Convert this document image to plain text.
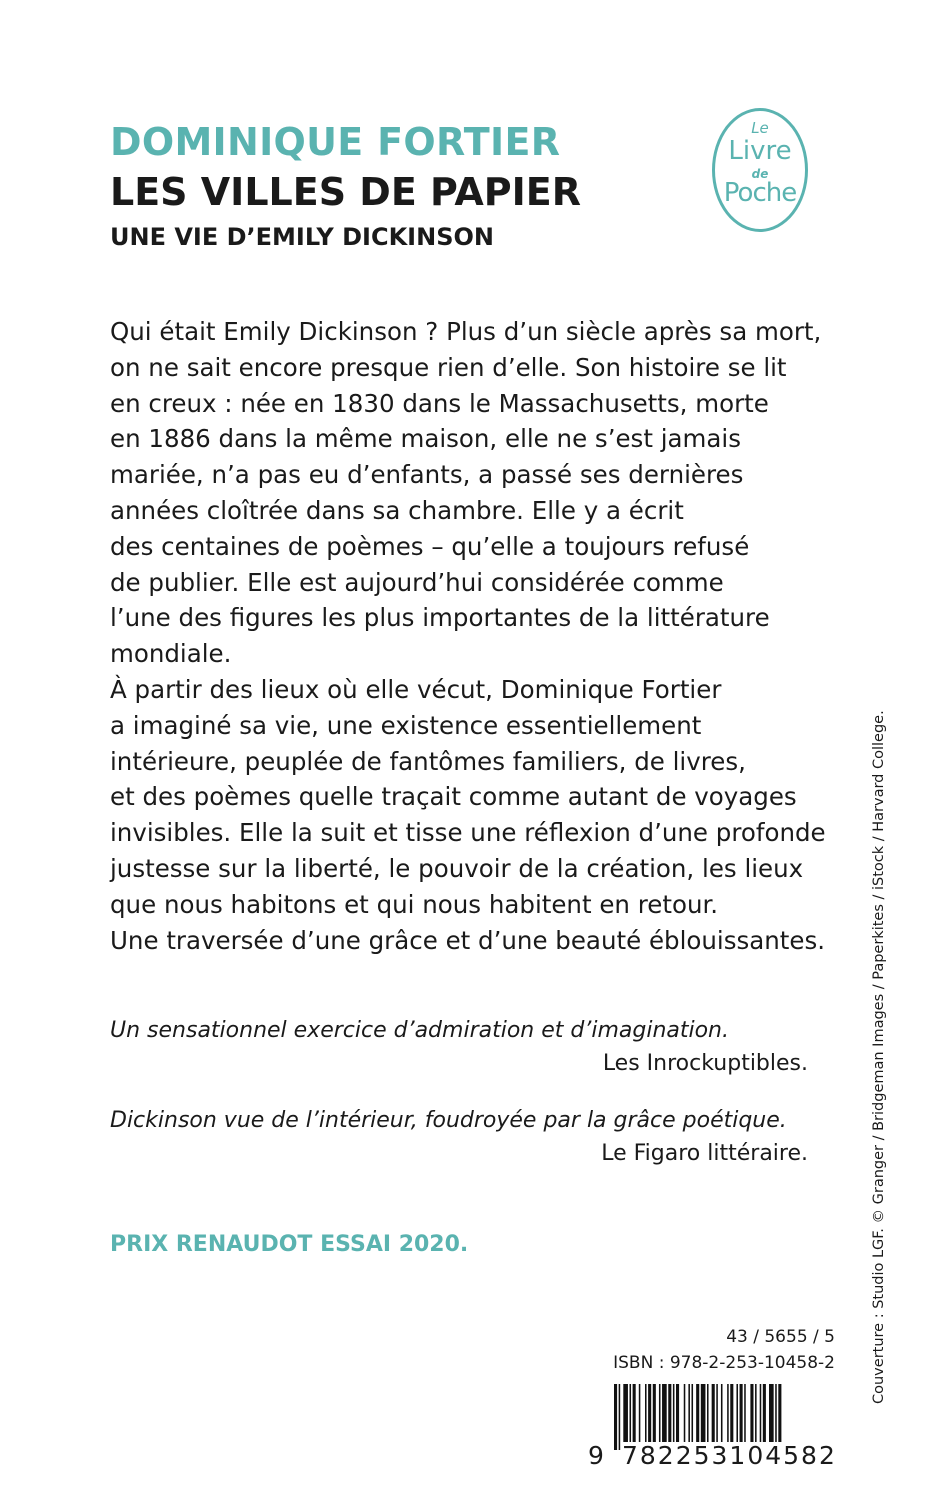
DOMINIQUE FORTIER
LES VILLES DE PAPIER
UNE VIE D’EMILY DICKINSON
Le
Livre
de
Poche
Qui était Emily Dickinson ? Plus d’un siècle après sa mort,
on ne sait encore presque rien d’elle. Son histoire se lit
en creux : née en 1830 dans le Massachusetts, morte
en 1886 dans la même maison, elle ne s’est jamais
mariée, n’a pas eu d’enfants, a passé ses dernières
années cloîtrée dans sa chambre. Elle y a écrit
des centaines de poèmes – qu’elle a toujours refusé
de publier. Elle est aujourd’hui considérée comme
l’une des figures les plus importantes de la littérature
mondiale.
À partir des lieux où elle vécut, Dominique Fortier
a imaginé sa vie, une existence essentiellement
intérieure, peuplée de fantômes familiers, de livres,
et des poèmes quelle traçait comme autant de voyages
invisibles. Elle la suit et tisse une réflexion d’une profonde
justesse sur la liberté, le pouvoir de la création, les lieux
que nous habitons et qui nous habitent en retour.
Une traversée d’une grâce et d’une beauté éblouissantes.
Un sensationnel exercice d’admiration et d’imagination.
Les Inrockuptibles.
Dickinson vue de l’intérieur, foudroyée par la grâce poétique.
Le Figaro littéraire.
PRIX RENAUDOT ESSAI 2020.
43 / 5655 / 5
ISBN : 978-2-253-10458-2
9 782253104582
Couverture : Studio LGF. © Granger / Bridgeman Images / Paperkites / iStock / Harvard College.
